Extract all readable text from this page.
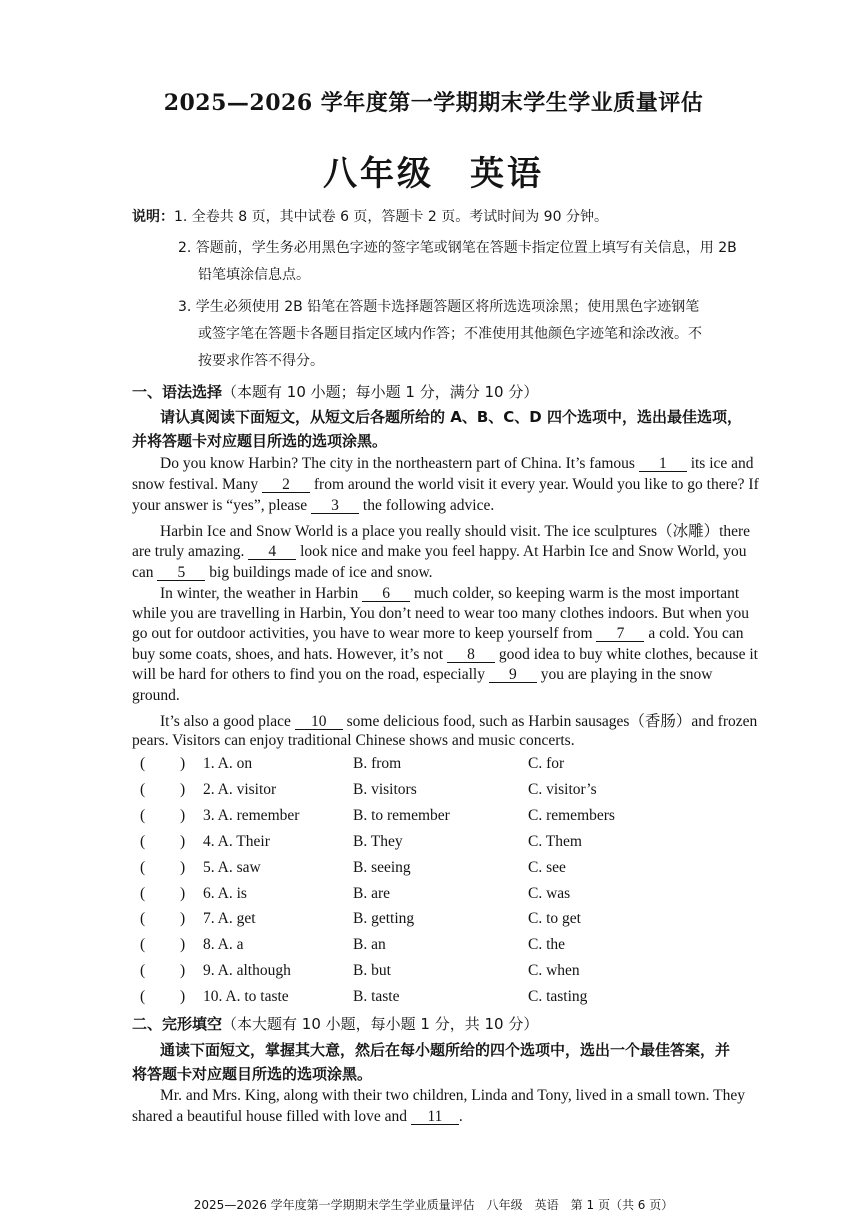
2025—2026 学年度第一学期期末学生学业质量评估
八年级 英语
说明：1. 全卷共 8 页，其中试卷 6 页，答题卡 2 页。考试时间为 90 分钟。
2. 答题前，学生务必用黑色字迹的签字笔或钢笔在答题卡指定位置上填写有关信息，用 2B
铅笔填涂信息点。
3. 学生必须使用 2B 铅笔在答题卡选择题答题区将所选选项涂黑；使用黑色字迹钢笔
或签字笔在答题卡各题目指定区域内作答；不准使用其他颜色字迹笔和涂改液。不
按要求作答不得分。
一、语法选择（本题有 10 小题；每小题 1 分，满分 10 分）
请认真阅读下面短文，从短文后各题所给的 A、B、C、D 四个选项中，选出最佳选项，
并将答题卡对应题目所选的选项涂黑。
Do you know Harbin? The city in the northeastern part of China. It’s famous 1 its ice and
snow festival. Many 2 from around the world visit it every year. Would you like to go there? If
your answer is “yes”, please 3 the following advice.
Harbin Ice and Snow World is a place you really should visit. The ice sculptures（冰雕）there
are truly amazing. 4 look nice and make you feel happy. At Harbin Ice and Snow World, you
can 5 big buildings made of ice and snow.
In winter, the weather in Harbin 6 much colder, so keeping warm is the most important
while you are travelling in Harbin, You don’t need to wear too many clothes indoors. But when you
go out for outdoor activities, you have to wear more to keep yourself from 7 a cold. You can
buy some coats, shoes, and hats. However, it’s not 8 good idea to buy white clothes, because it
will be hard for others to find you on the road, especially 9 you are playing in the snow
ground.
It’s also a good place 10 some delicious food, such as Harbin sausages（香肠）and frozen
pears. Visitors can enjoy traditional Chinese shows and music concerts.
( ) 1. A. on	B. from	C. for
( ) 2. A. visitor	B. visitors	C. visitor’s
( ) 3. A. remember	B. to remember	C. remembers
( ) 4. A. Their	B. They	C. Them
( ) 5. A. saw	B. seeing	C. see
( ) 6. A. is	B. are	C. was
( ) 7. A. get	B. getting	C. to get
( ) 8. A. a	B. an	C. the
( ) 9. A. although	B. but	C. when
( ) 10. A. to taste	B. taste	C. tasting
二、完形填空（本大题有 10 小题，每小题 1 分，共 10 分）
通读下面短文，掌握其大意，然后在每小题所给的四个选项中，选出一个最佳答案，并
将答题卡对应题目所选的选项涂黑。
Mr. and Mrs. King, along with their two children, Linda and Tony, lived in a small town. They
shared a beautiful house filled with love and 11 .
2025—2026 学年度第一学期期末学生学业质量评估　八年级　英语　第 1 页（共 6 页）
